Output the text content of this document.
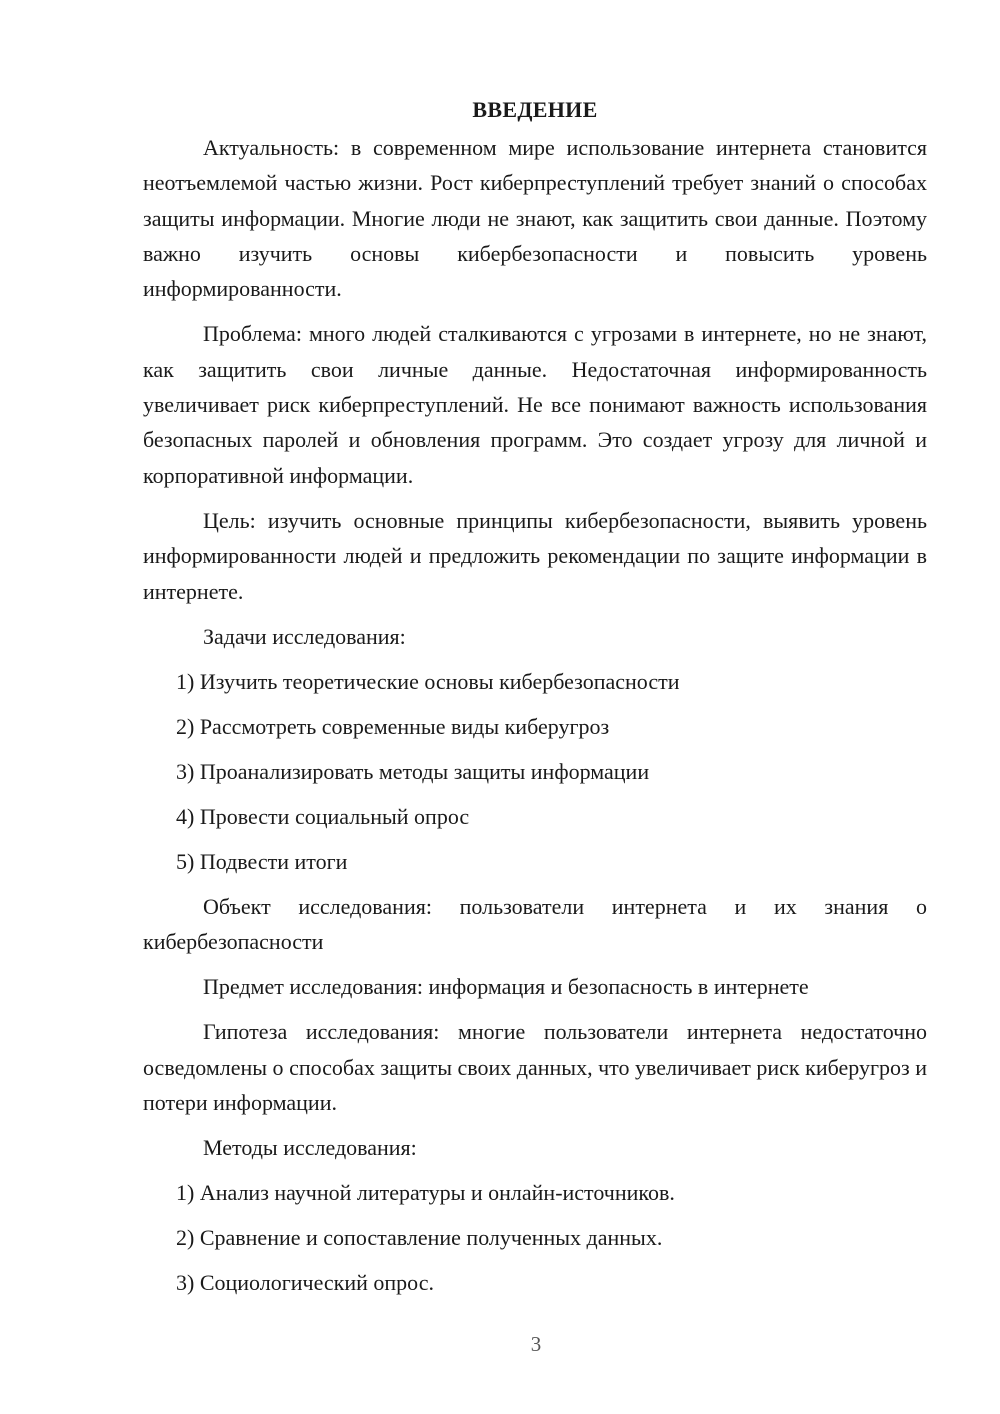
ВВЕДЕНИЕ

Актуальность: в современном мире использование интернета становится неотъемлемой частью жизни. Рост киберпреступлений требует знаний о способах защиты информации. Многие люди не знают, как защитить свои данные. Поэтому важно изучить основы кибербезопасности и повысить уровень информированности.

Проблема: много людей сталкиваются с угрозами в интернете, но не знают, как защитить свои личные данные. Недостаточная информированность увеличивает риск киберпреступлений. Не все понимают важность использования безопасных паролей и обновления программ. Это создает угрозу для личной и корпоративной информации.

Цель: изучить основные принципы кибербезопасности, выявить уровень информированности людей и предложить рекомендации по защите информации в интернете.

Задачи исследования:

1) Изучить теоретические основы кибербезопасности
2) Рассмотреть современные виды киберугроз
3) Проанализировать методы защиты информации
4) Провести социальный опрос
5) Подвести итоги

Объект исследования: пользователи интернета и их знания о кибербезопасности

Предмет исследования: информация и безопасность в интернете

Гипотеза исследования: многие пользователи интернета недостаточно осведомлены о способах защиты своих данных, что увеличивает риск киберугроз и потери информации.

Методы исследования:

1) Анализ научной литературы и онлайн-источников.
2) Сравнение и сопоставление полученных данных.
3) Социологический опрос.
3
